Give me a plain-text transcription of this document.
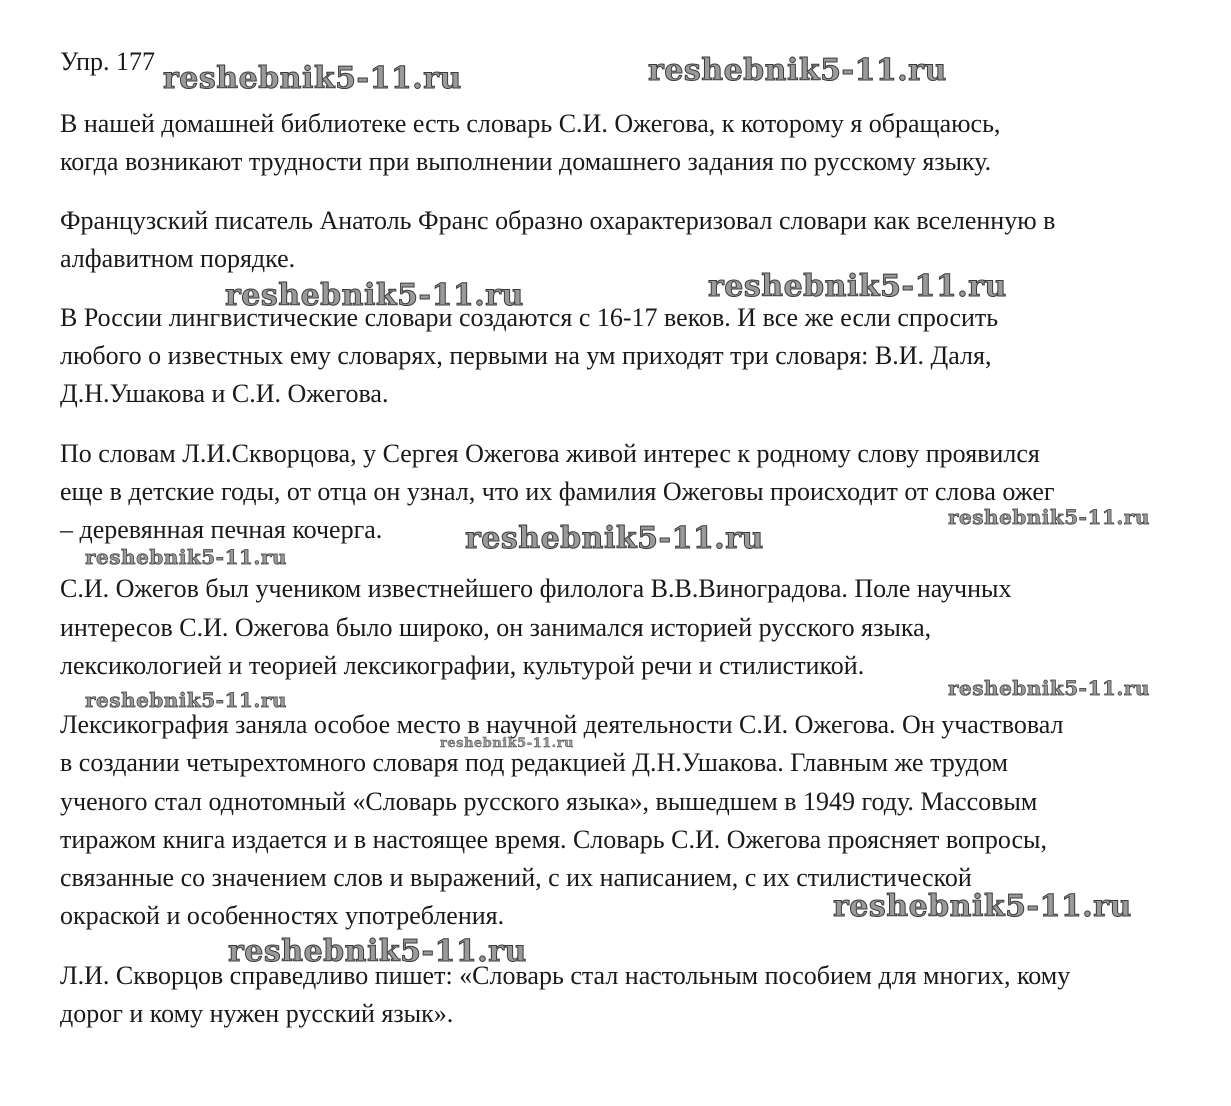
Упр. 177

В нашей домашней библиотеке есть словарь С.И. Ожегова, к которому я обращаюсь,

когда возникают трудности при выполнении домашнего задания по русскому языку.

Французский писатель Анатоль Франс образно охарактеризовал словари как вселенную в

алфавитном порядке.

В России лингвистические словари создаются с 16-17 веков. И все же если спросить

любого о известных ему словарях, первыми на ум приходят три словаря: В.И. Даля,

Д.Н.Ушакова и С.И. Ожегова.

По словам Л.И.Скворцова, у Сергея Ожегова живой интерес к родному слову проявился

еще в детские годы, от отца он узнал, что их фамилия Ожеговы происходит от слова ожег

– деревянная печная кочерга.

С.И. Ожегов был учеником известнейшего филолога В.В.Виноградова. Поле научных

интересов С.И. Ожегова было широко, он занимался историей русского языка,

лексикологией и теорией лексикографии, культурой речи и стилистикой.

Лексикография заняла особое место в научной деятельности С.И. Ожегова. Он участвовал

в создании четырехтомного словаря под редакцией Д.Н.Ушакова. Главным же трудом

ученого стал однотомный «Словарь русского языка», вышедшем в 1949 году. Массовым

тиражом книга издается и в настоящее время. Словарь С.И. Ожегова проясняет вопросы,

связанные со значением слов и выражений, с их написанием, с их стилистической

окраской и особенностях употребления.

Л.И. Скворцов справедливо пишет: «Словарь стал настольным пособием для многих, кому

дорог и кому нужен русский язык».

reshebnik5-11.ru	reshebnik5-11.ru

reshebnik5-11.ru	reshebnik5-11.ru

reshebnik5-11.ru

reshebnik5-11.ru

reshebnik5-11.ru

reshebnik5-11.ru

reshebnik5-11.ru

reshebnik5-11.ru

reshebnik5-11.ru

reshebnik5-11.ru
